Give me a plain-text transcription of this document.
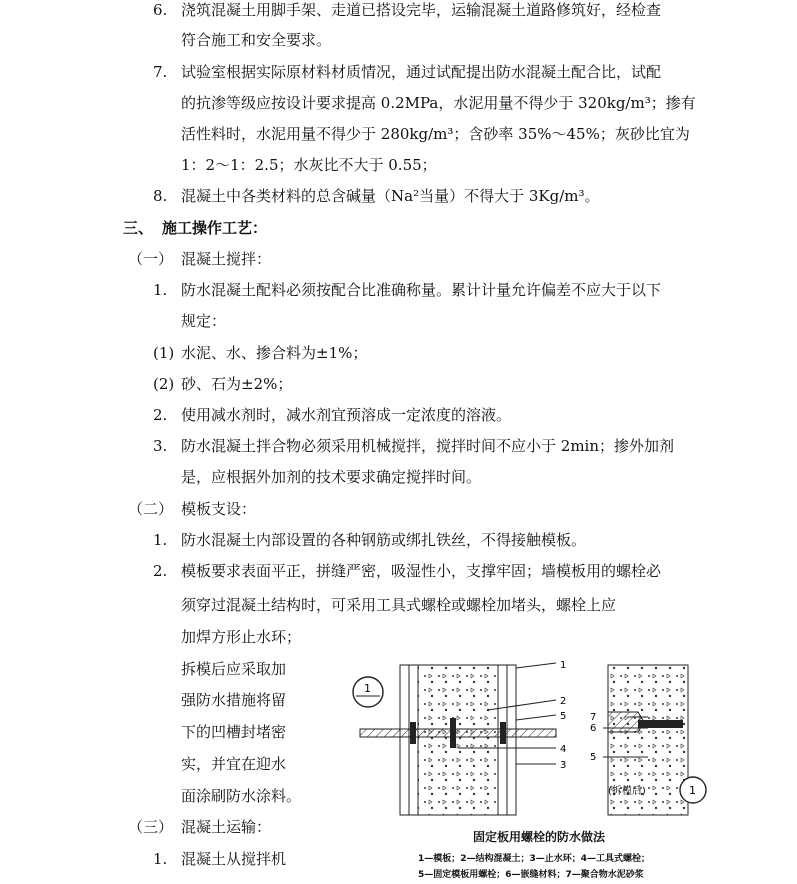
6. 浇筑混凝土用脚手架、走道已搭设完毕，运输混凝土道路修筑好，经检查
符合施工和安全要求。
7. 试验室根据实际原材料材质情况，通过试配提出防水混凝土配合比，试配
的抗渗等级应按设计要求提高 0.2MPa，水泥用量不得少于 320kg/m³；掺有
活性料时，水泥用量不得少于 280kg/m³；含砂率 35%～45%；灰砂比宜为
1：2～1：2.5；水灰比不大于 0.55；
8. 混凝土中各类材料的总含碱量（Na²当量）不得大于 3Kg/m³。
三、 施工操作工艺：
（一） 混凝土搅拌：
1. 防水混凝土配料必须按配合比准确称量。累计计量允许偏差不应大于以下
规定：
(1) 水泥、水、掺合料为±1%；
(2) 砂、石为±2%；
2. 使用减水剂时，减水剂宜预溶成一定浓度的溶液。
3. 防水混凝土拌合物必须采用机械搅拌，搅拌时间不应小于 2min；掺外加剂
是，应根据外加剂的技术要求确定搅拌时间。
（二） 模板支设：
1. 防水混凝土内部设置的各种钢筋或绑扎铁丝，不得接触模板。
2. 模板要求表面平正，拼缝严密，吸湿性小，支撑牢固；墙模板用的螺栓必
须穿过混凝土结构时，可采用工具式螺栓或螺栓加堵头，螺栓上应
加焊方形止水环；
拆模后应采取加
强防水措施将留
下的凹槽封堵密
实，并宜在迎水
面涂刷防水涂料。
（三） 混凝土运输：
1. 混凝土从搅拌机
1
2
5
4
3
7
6
5
1
(拆模后)	1
固定板用螺栓的防水做法
1—模板；2—结构混凝土；3—止水环；4—工具式螺栓；
5—固定模板用螺栓；6—嵌缝材料；7—聚合物水泥砂浆
